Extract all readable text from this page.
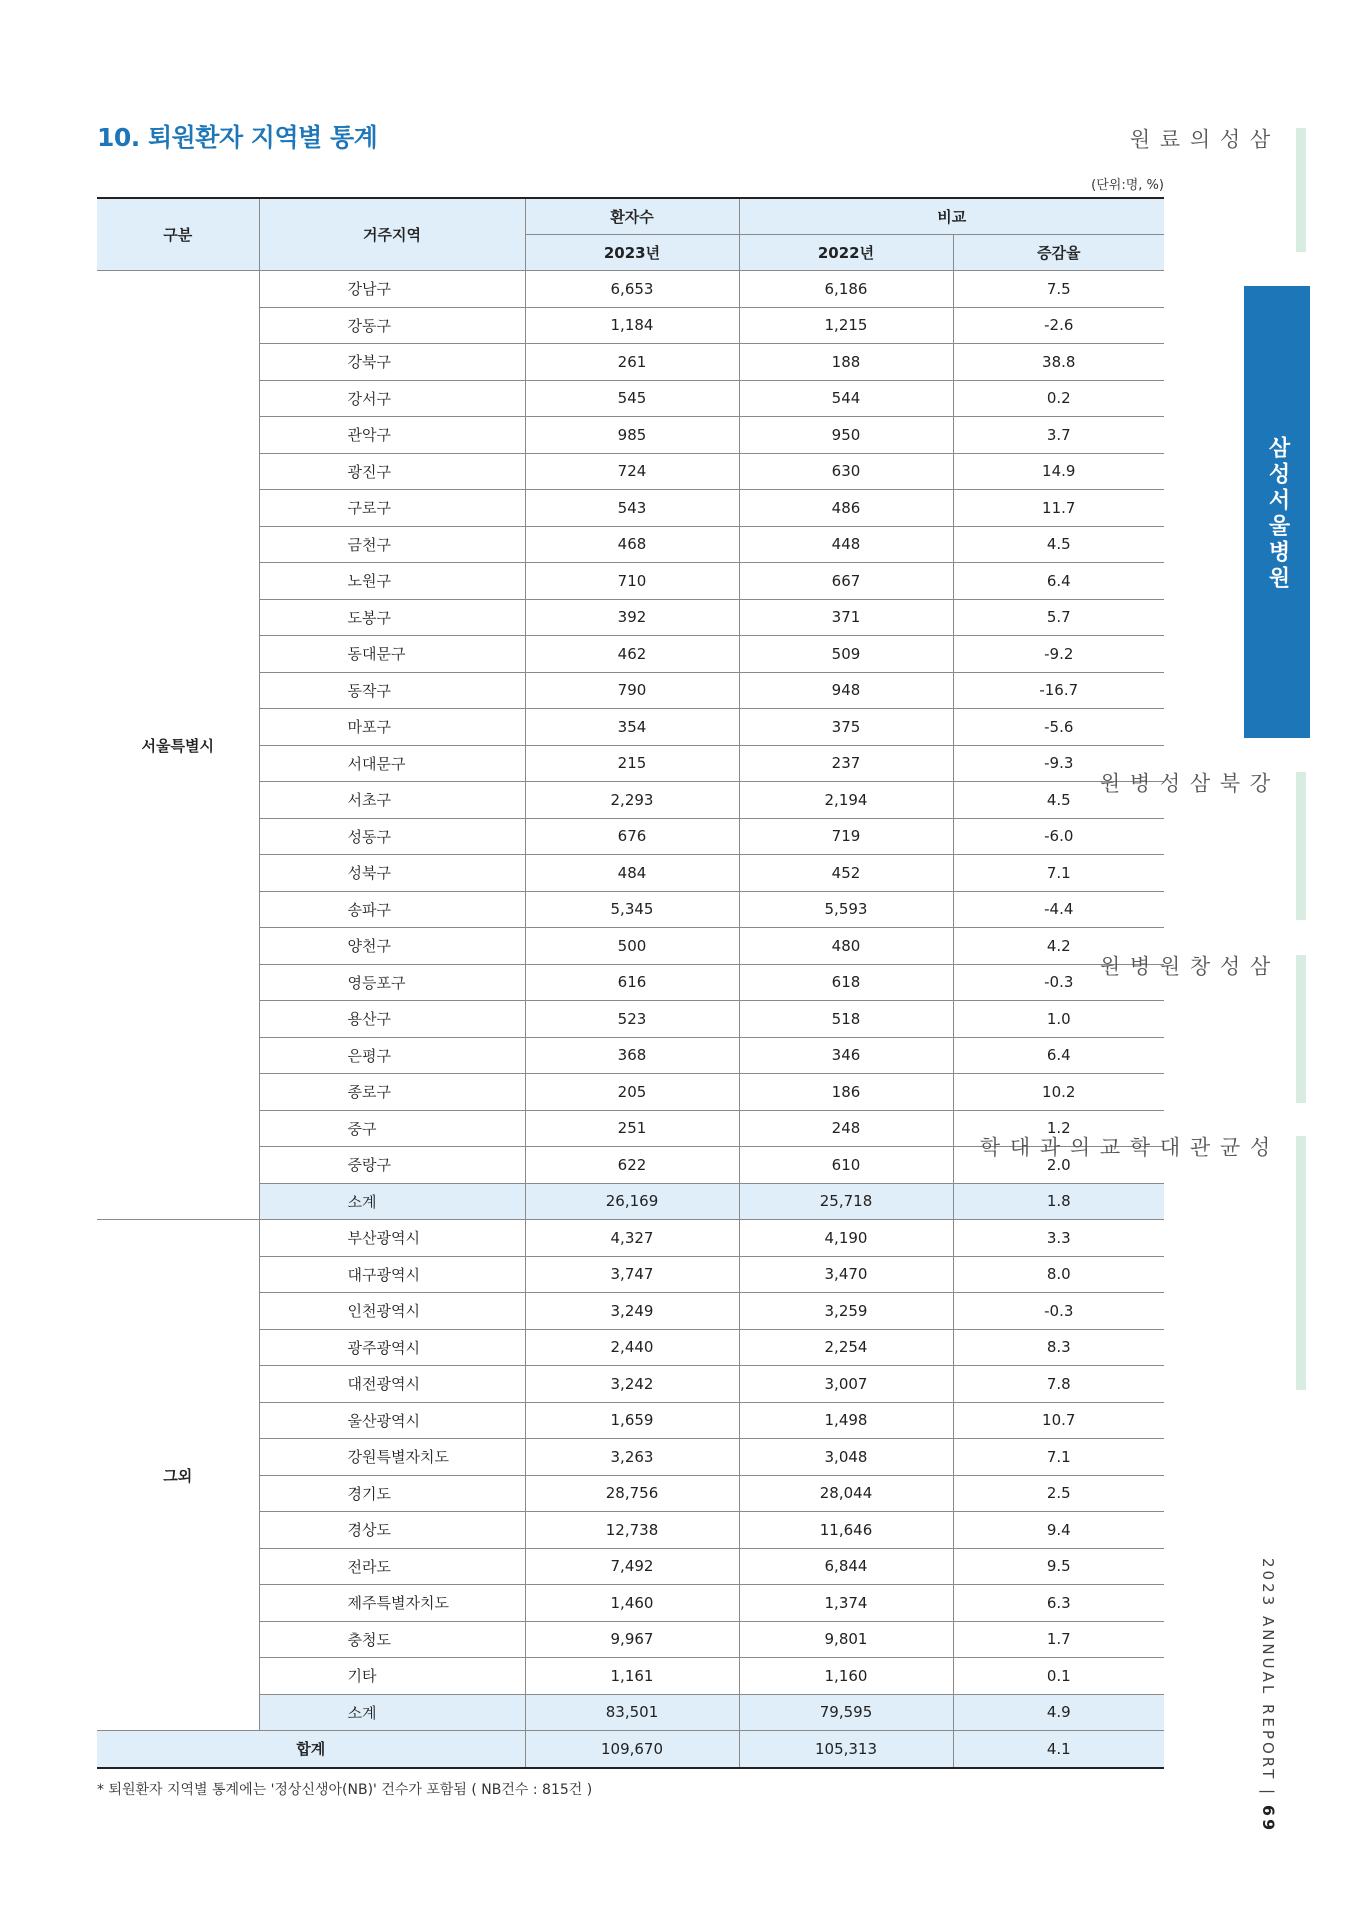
10. 퇴원환자 지역별 통계
(단위:명, %)
구분	거주지역	환자수	비교	
		2023년	2022년	증감율
서울특별시	강남구	6,653	6,186	7.5
	강동구	1,184	1,215	-2.6
	강북구	261	188	38.8
	강서구	545	544	0.2
	관악구	985	950	3.7
	광진구	724	630	14.9
	구로구	543	486	11.7
	금천구	468	448	4.5
	노원구	710	667	6.4
	도봉구	392	371	5.7
	동대문구	462	509	-9.2
	동작구	790	948	-16.7
	마포구	354	375	-5.6
	서대문구	215	237	-9.3
	서초구	2,293	2,194	4.5
	성동구	676	719	-6.0
	성북구	484	452	7.1
	송파구	5,345	5,593	-4.4
	양천구	500	480	4.2
	영등포구	616	618	-0.3
	용산구	523	518	1.0
	은평구	368	346	6.4
	종로구	205	186	10.2
	중구	251	248	1.2
	중랑구	622	610	2.0
	소계	26,169	25,718	1.8
그외	부산광역시	4,327	4,190	3.3
	대구광역시	3,747	3,470	8.0
	인천광역시	3,249	3,259	-0.3
	광주광역시	2,440	2,254	8.3
	대전광역시	3,242	3,007	7.8
	울산광역시	1,659	1,498	10.7
	강원특별자치도	3,263	3,048	7.1
	경기도	28,756	28,044	2.5
	경상도	12,738	11,646	9.4
	전라도	7,492	6,844	9.5
	제주특별자치도	1,460	1,374	6.3
	충청도	9,967	9,801	1.7
	기타	1,161	1,160	0.1
	소계	83,501	79,595	4.9
합계		109,670	105,313	4.1
* 퇴원환자 지역별 통계에는 '정상신생아(NB)' 건수가 포함됨 ( NB건수 : 815건 )
삼성의료원
삼성서울병원
강북삼성병원
삼성창원병원
성균관대학교 의과대학
2023 ANNUAL REPORT | 69
